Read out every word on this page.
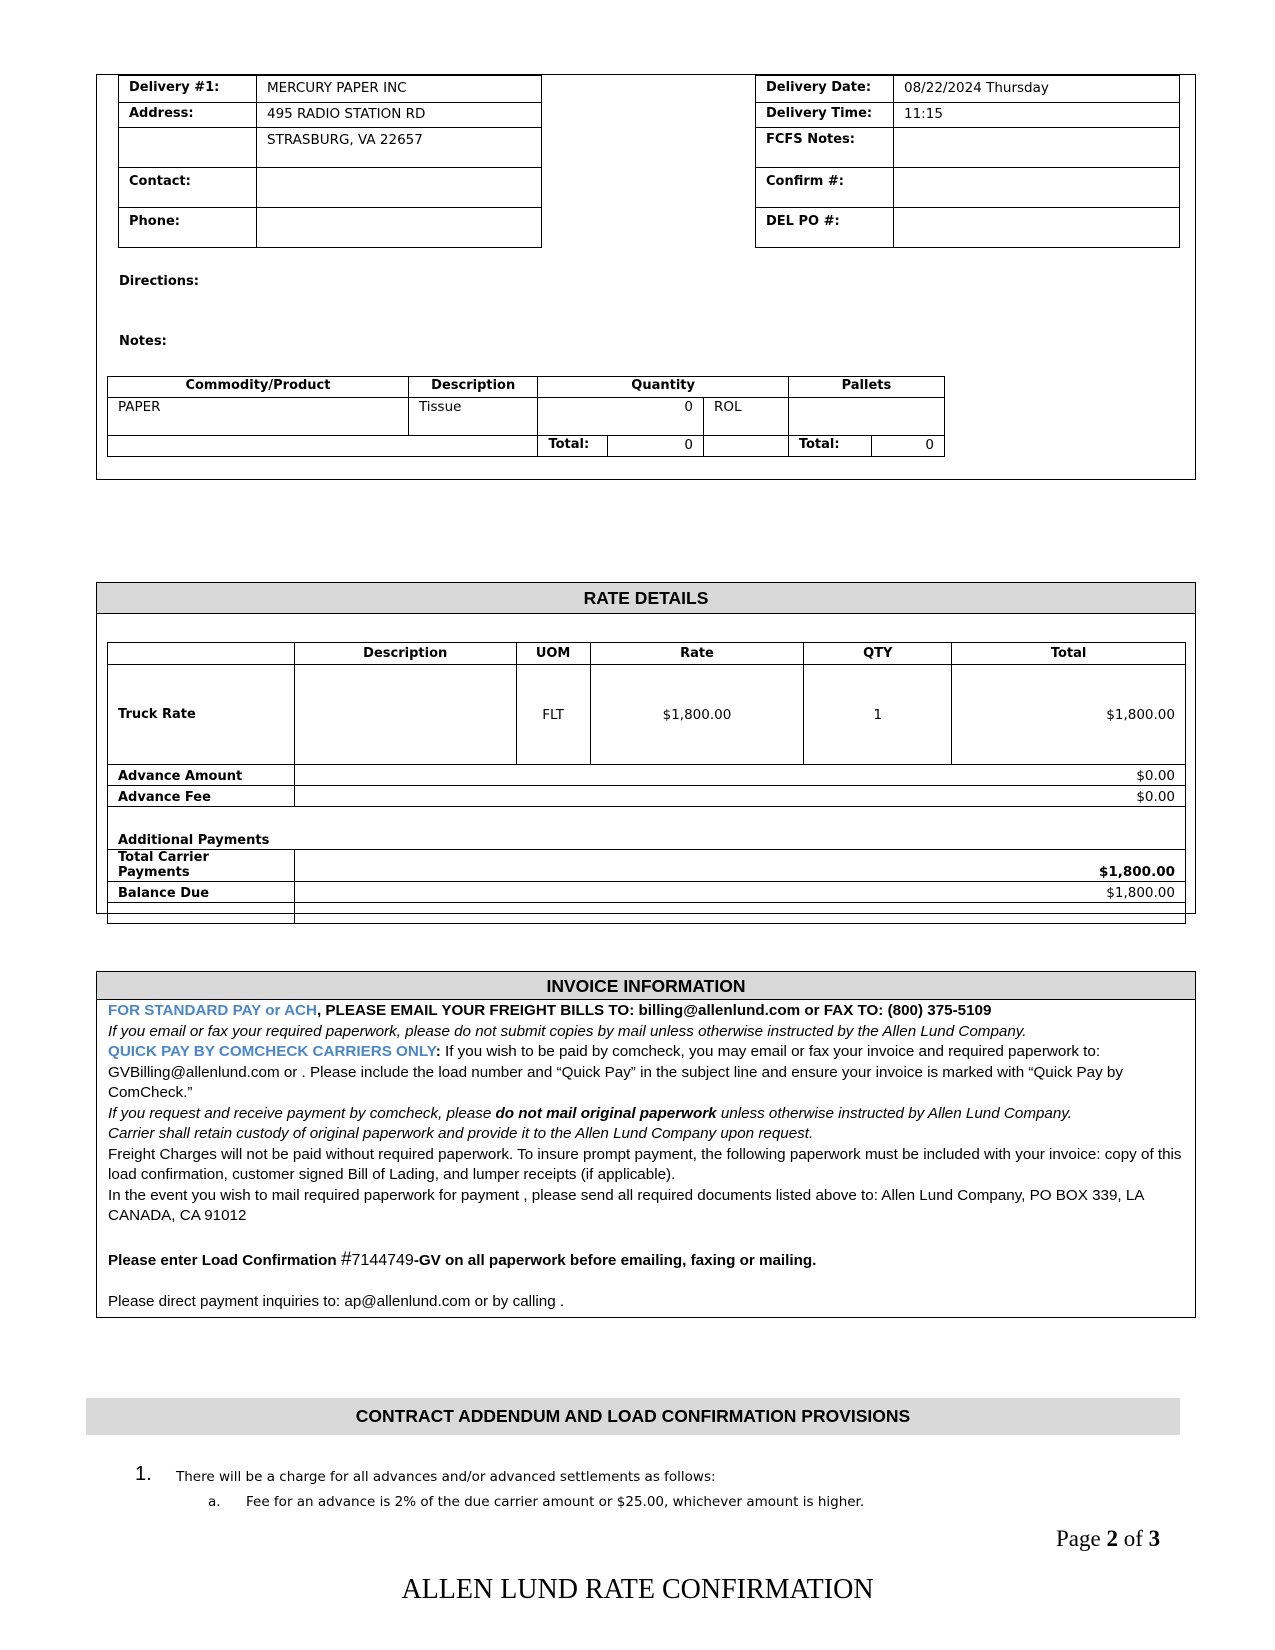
Delivery #1:	MERCURY PAPER INC
Address:	495 RADIO STATION RD
	STRASBURG, VA 22657
Contact:	
Phone:	
Delivery Date:	08/22/2024 Thursday
Delivery Time:	11:15
FCFS Notes:	
Confirm #:	
DEL PO #:	
Directions:
Notes:
Commodity/Product	Description	Quantity			Pallets	
PAPER	Tissue	0		ROL		
		Total:	0		Total:	0
RATE DETAILS
	Description	UOM	Rate	QTY	Total
Truck Rate		FLT	$1,800.00	1	$1,800.00
Advance Amount	$0.00				
Advance Fee	$0.00				
Additional Payments					
Total Carrier Payments	$1,800.00				
Balance Due	$1,800.00				

INVOICE INFORMATION

FOR STANDARD PAY or ACH, PLEASE EMAIL YOUR FREIGHT BILLS TO: billing@allenlund.com or FAX TO: (800) 375-5109

If you email or fax your required paperwork, please do not submit copies by mail unless otherwise instructed by the Allen Lund Company.

QUICK PAY BY COMCHECK CARRIERS ONLY: If you wish to be paid by comcheck, you may email or fax your invoice and required paperwork to: GVBilling@allenlund.com or . Please include the load number and “Quick Pay” in the subject line and ensure your invoice is marked with “Quick Pay by ComCheck.”

If you request and receive payment by comcheck, please do not mail original paperwork unless otherwise instructed by Allen Lund Company.

Carrier shall retain custody of original paperwork and provide it to the Allen Lund Company upon request.

Freight Charges will not be paid without required paperwork. To insure prompt payment, the following paperwork must be included with your invoice: copy of this load confirmation, customer signed Bill of Lading, and lumper receipts (if applicable).

In the event you wish to mail required paperwork for payment , please send all required documents listed above to: Allen Lund Company, PO BOX 339, LA CANADA, CA 91012

Please enter Load Confirmation #7144749-GV on all paperwork before emailing, faxing or mailing.

Please direct payment inquiries to: ap@allenlund.com or by calling .

CONTRACT ADDENDUM AND LOAD CONFIRMATION PROVISIONS
1. There will be a charge for all advances and/or advanced settlements as follows:
a. Fee for an advance is 2% of the due carrier amount or $25.00, whichever amount is higher.
Page 2 of 3
ALLEN LUND RATE CONFIRMATION
